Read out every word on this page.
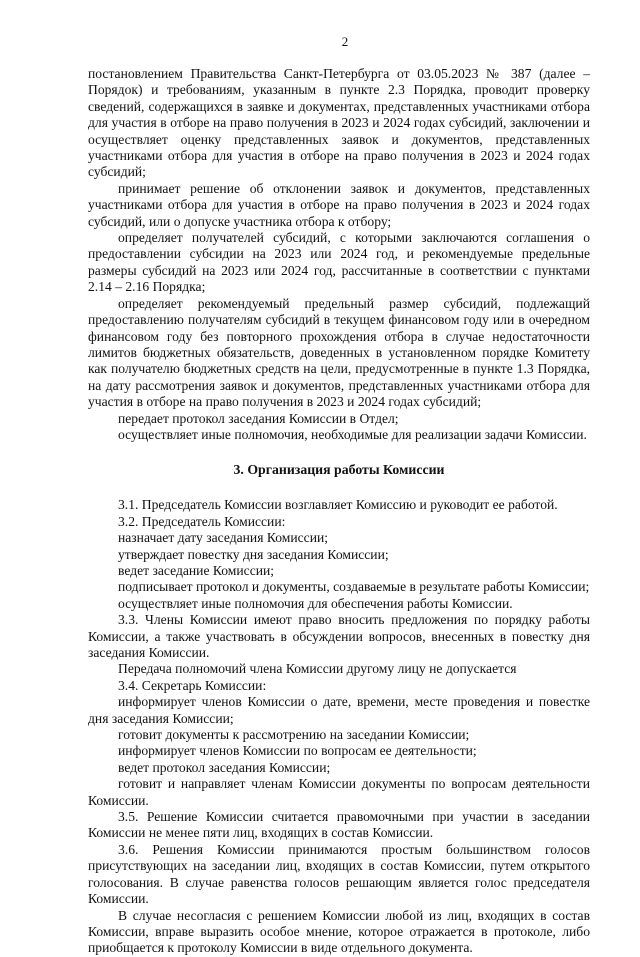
2

постановлением Правительства Санкт-Петербурга от 03.05.2023 № 387 (далее – Порядок) и требованиям, указанным в пункте 2.3 Порядка, проводит проверку сведений, содержащихся в заявке и документах, представленных участниками отбора для участия в отборе на право получения в 2023 и 2024 годах субсидий, заключении и осуществляет оценку представленных заявок и документов, представленных участниками отбора для участия в отборе на право получения в 2023 и 2024 годах субсидий;

принимает решение об отклонении заявок и документов, представленных участниками отбора для участия в отборе на право получения в 2023 и 2024 годах субсидий, или о допуске участника отбора к отбору;

определяет получателей субсидий, с которыми заключаются соглашения о предоставлении субсидии на 2023 или 2024 год, и рекомендуемые предельные размеры субсидий на 2023 или 2024 год, рассчитанные в соответствии с пунктами 2.14 – 2.16 Порядка;

определяет рекомендуемый предельный размер субсидий, подлежащий предоставлению получателям субсидий в текущем финансовом году или в очередном финансовом году без повторного прохождения отбора в случае недостаточности лимитов бюджетных обязательств, доведенных в установленном порядке Комитету как получателю бюджетных средств на цели, предусмотренные в пункте 1.3 Порядка, на дату рассмотрения заявок и документов, представленных участниками отбора для участия в отборе на право получения в 2023 и 2024 годах субсидий;

передает протокол заседания Комиссии в Отдел;

осуществляет иные полномочия, необходимые для реализации задачи Комиссии.

3. Организация работы Комиссии

3.1. Председатель Комиссии возглавляет Комиссию и руководит ее работой.

3.2. Председатель Комиссии:

назначает дату заседания Комиссии;

утверждает повестку дня заседания Комиссии;

ведет заседание Комиссии;

подписывает протокол и документы, создаваемые в результате работы Комиссии;

осуществляет иные полномочия для обеспечения работы Комиссии.

3.3. Члены Комиссии имеют право вносить предложения по порядку работы Комиссии, а также участвовать в обсуждении вопросов, внесенных в повестку дня заседания Комиссии.

Передача полномочий члена Комиссии другому лицу не допускается

3.4. Секретарь Комиссии:

информирует членов Комиссии о дате, времени, месте проведения и повестке дня заседания Комиссии;

готовит документы к рассмотрению на заседании Комиссии;

информирует членов Комиссии по вопросам ее деятельности;

ведет протокол заседания Комиссии;

готовит и направляет членам Комиссии документы по вопросам деятельности Комиссии.

3.5. Решение Комиссии считается правомочными при участии в заседании Комиссии не менее пяти лиц, входящих в состав Комиссии.

3.6. Решения Комиссии принимаются простым большинством голосов присутствующих на заседании лиц, входящих в состав Комиссии, путем открытого голосования. В случае равенства голосов решающим является голос председателя Комиссии.

В случае несогласия с решением Комиссии любой из лиц, входящих в состав Комиссии, вправе выразить особое мнение, которое отражается в протоколе, либо приобщается к протоколу Комиссии в виде отдельного документа.
